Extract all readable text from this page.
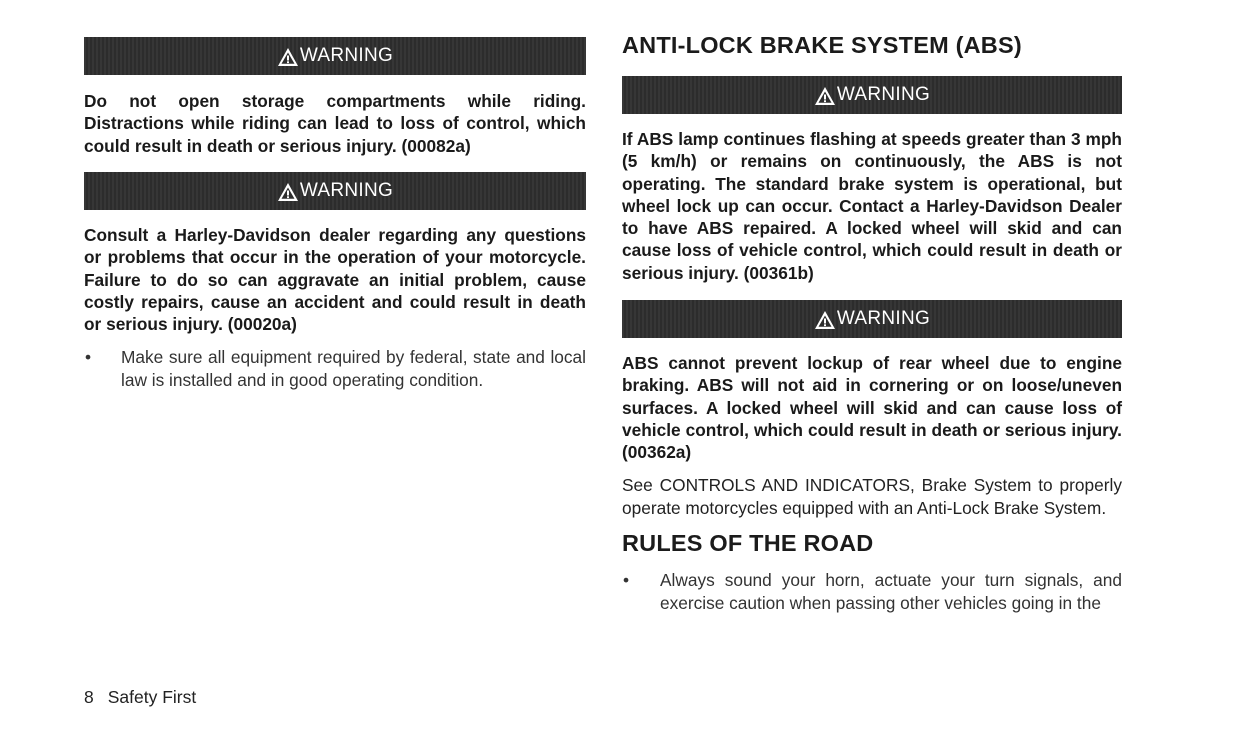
WARNING

Do not open storage compartments while riding. Distractions while riding can lead to loss of control, which could result in death or serious injury. (00082a)

WARNING

Consult a Harley-Davidson dealer regarding any questions or problems that occur in the operation of your motorcycle. Failure to do so can aggravate an initial problem, cause costly repairs, cause an accident and could result in death or serious injury. (00020a)

• Make sure all equipment required by federal, state and local law is installed and in good operating condition.
ANTI-LOCK BRAKE SYSTEM (ABS)
WARNING

If ABS lamp continues flashing at speeds greater than 3 mph (5 km/h) or remains on continuously, the ABS is not operating. The standard brake system is operational, but wheel lock up can occur. Contact a Harley-Davidson Dealer to have ABS repaired. A locked wheel will skid and can cause loss of vehicle control, which could result in death or serious injury. (00361b)

WARNING

ABS cannot prevent lockup of rear wheel due to engine braking. ABS will not aid in cornering or on loose/uneven surfaces. A locked wheel will skid and can cause loss of vehicle control, which could result in death or serious injury. (00362a)

See CONTROLS AND INDICATORS, Brake System to properly operate motorcycles equipped with an Anti-Lock Brake System.

RULES OF THE ROAD
• Always sound your horn, actuate your turn signals, and exercise caution when passing other vehicles going in the
8 Safety First
